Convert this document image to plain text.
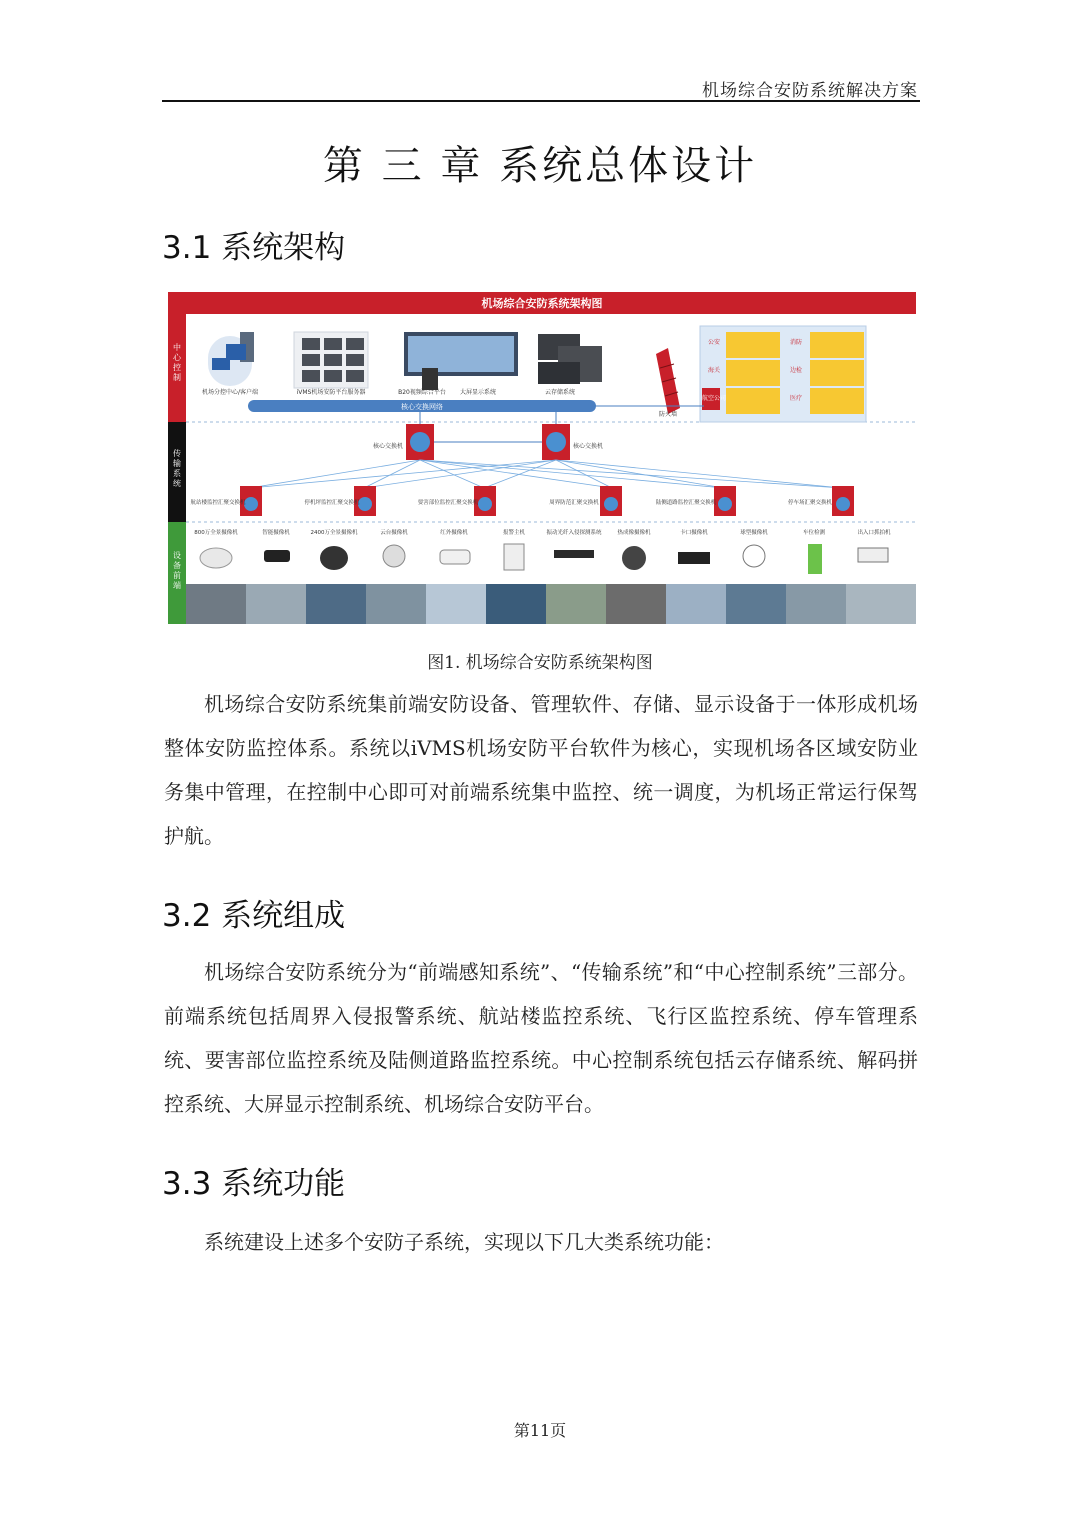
机场综合安防系统解决方案
第 三 章 系统总体设计
3.1 系统架构
机场综合安防系统架构图
中心控制
传输系统
设备前端
机场分控中心/客户端	iVMS机场安防平台服务器	B20视频综合平台 大屏显示系统	云存储系统
防火墙
公安
海关
航空公司
消防
边检
医疗
核心交换网络
核心交换机	核心交换机
航站楼监控汇聚交换机	停机坪监控汇聚交换机	要害部位监控汇聚交换机	周界防范汇聚交换机	陆侧道路监控汇聚交换机	停车场汇聚交换机
800万全景摄像机	智能摄像机	2400万全景摄像机	云台摄像机	红外摄像机	报警主机	振动光纤入侵探测系统	热成像摄像机	卡口摄像机	球型摄像机	车位检测	出入口抓拍机
图1. 机场综合安防系统架构图

机场综合安防系统集前端安防设备、管理软件、存储、显示设备于一体形成机场整体安防监控体系。系统以iVMS机场安防平台软件为核心，实现机场各区域安防业务集中管理，在控制中心即可对前端系统集中监控、统一调度，为机场正常运行保驾护航。

3.2 系统组成

机场综合安防系统分为“前端感知系统”、“传输系统”和“中心控制系统”三部分。前端系统包括周界入侵报警系统、航站楼监控系统、飞行区监控系统、停车管理系统、要害部位监控系统及陆侧道路监控系统。中心控制系统包括云存储系统、解码拼控系统、大屏显示控制系统、机场综合安防平台。

3.3 系统功能

系统建设上述多个安防子系统，实现以下几大类系统功能：

第11页
